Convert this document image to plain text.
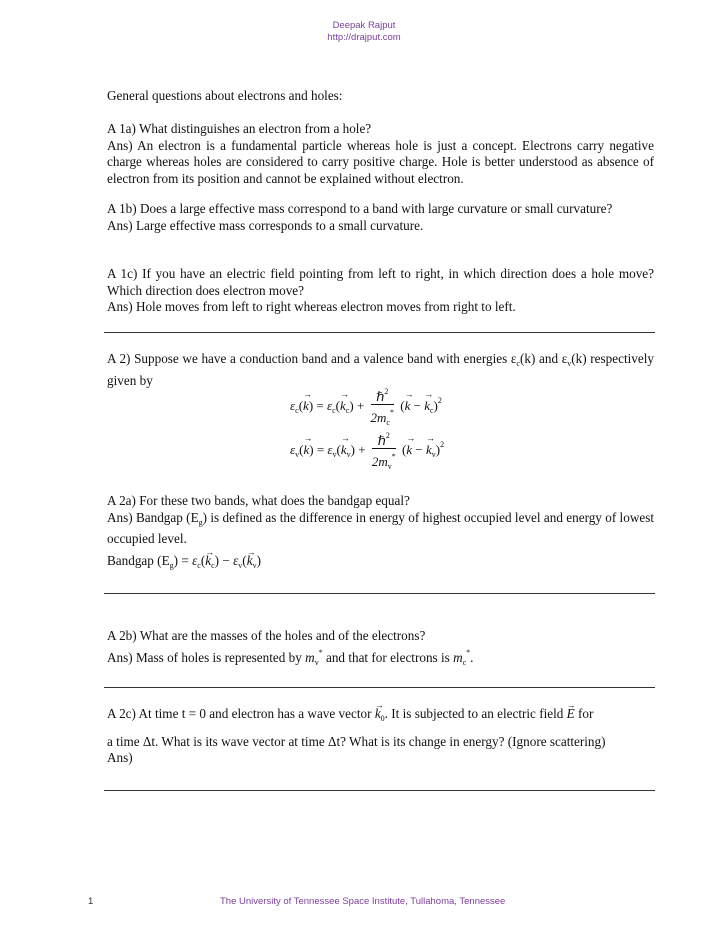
Deepak Rajput
http://drajput.com

General questions about electrons and holes:

A 1a) What distinguishes an electron from a hole?

Ans) An electron is a fundamental particle whereas hole is just a concept. Electrons carry negative charge whereas holes are considered to carry positive charge. Hole is better understood as absence of electron from its position and cannot be explained without electron.

A 1b) Does a large effective mass correspond to a band with large curvature or small curvature?

Ans) Large effective mass corresponds to a small curvature.

A 1c) If you have an electric field pointing from left to right, in which direction does a hole move? Which direction does electron move?

Ans) Hole moves from left to right whereas electron moves from right to left.

A 2) Suppose we have a conduction band and a valence band with energies $\varepsilon_c(k)$ and $\varepsilon_v(k)$ respectively given by

$\varepsilon_c(\to k) = \varepsilon_c(\to k_c) + \frac{\hbar^2}{2m_c^*}$ (→ k − → $k_c)^2$
$\varepsilon_v(\to k) = \varepsilon_v(\to k_v) + \frac{\hbar^2}{2m_v^*}$ (→ k − → $k_v)^2$

A 2a) For these two bands, what does the bandgap equal?

Ans) Bandgap $(E_g)$ is defined as the difference in energy of highest occupied level and energy of lowest occupied level.

Bandgap $(E_g) = \varepsilon_c(\to k_c) - \varepsilon_v(\to k_v)$

A 2b) What are the masses of the holes and of the electrons?

Ans) Mass of holes is represented by $m_v^*$ and that for electrons is $m_c^*$.

A 2c) At time t = 0 and electron has a wave vector → $k_0$. It is subjected to an electric field → E for

a time Δt. What is its wave vector at time Δt? What is its change in energy? (Ignore scattering)

Ans)

1	The University of Tennessee Space Institute, Tullahoma, Tennessee
